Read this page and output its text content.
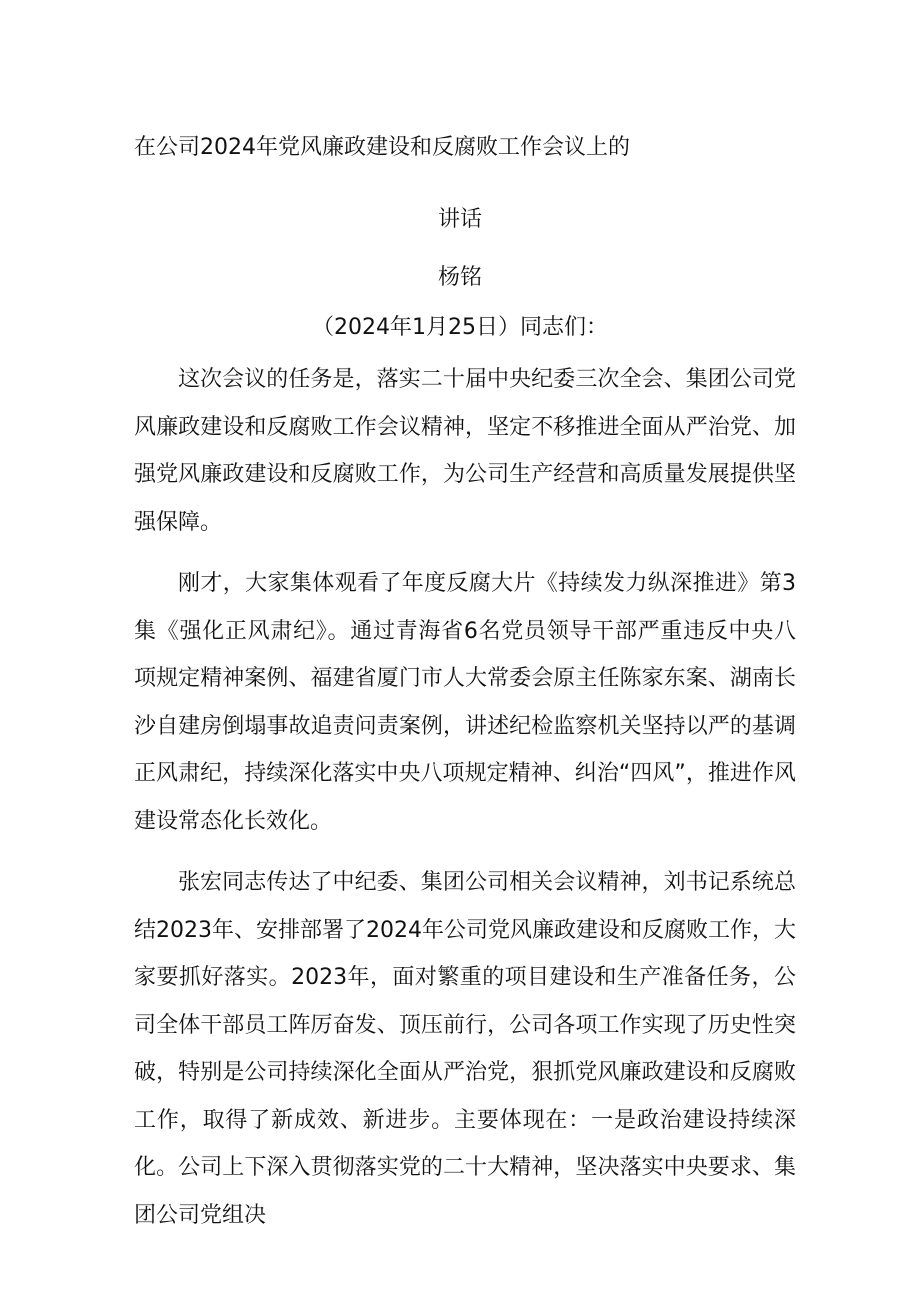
在公司2024年党风廉政建设和反腐败工作会议上的
讲话
杨铭
（2024年1月25日）同志们：

这次会议的任务是，落实二十届中央纪委三次全会、集团公司党风廉政建设和反腐败工作会议精神，坚定不移推进全面从严治党、加强党风廉政建设和反腐败工作，为公司生产经营和高质量发展提供坚强保障。

刚才，大家集体观看了年度反腐大片《持续发力纵深推进》第3集《强化正风肃纪》。通过青海省6名党员领导干部严重违反中央八项规定精神案例、福建省厦门市人大常委会原主任陈家东案、湖南长沙自建房倒塌事故追责问责案例，讲述纪检监察机关坚持以严的基调正风肃纪，持续深化落实中央八项规定精神、纠治“四风”，推进作风建设常态化长效化。

张宏同志传达了中纪委、集团公司相关会议精神，刘书记系统总结2023年、安排部署了2024年公司党风廉政建设和反腐败工作，大家要抓好落实。2023年，面对繁重的项目建设和生产准备任务，公司全体干部员工阵厉奋发、顶压前行，公司各项工作实现了历史性突破，特别是公司持续深化全面从严治党，狠抓党风廉政建设和反腐败工作，取得了新成效、新进步。主要体现在：一是政治建设持续深化。公司上下深入贯彻落实党的二十大精神，坚决落实中央要求、集团公司党组决
